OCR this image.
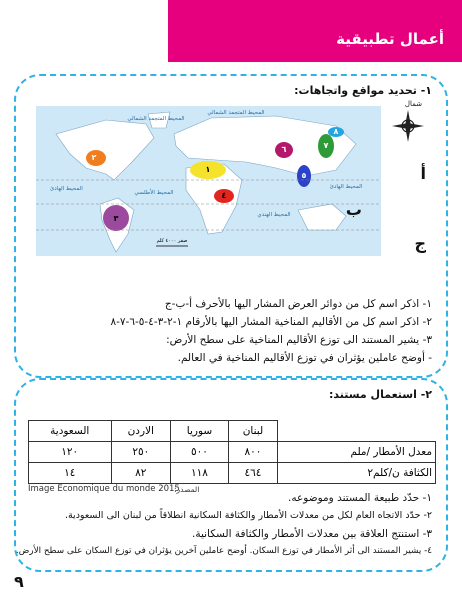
أعمال تطبيقية
١- تحديد مواقع واتجاهات:
المحيط المتجمد الشمالي
المحيط المتجمد الشمالي
المحيط الهادئ
المحيط الأطلسي
المحيط الهادئ
المحيط الهندي
١
٢
٣
٤
٥
٦	٧
٨
صفر ٤٠٠٠ كلم
شمال
أ
ب
ج
١- اذكر اسم كل من دوائر العرض المشار اليها بالأحرف أ-ب-ج
٢- اذكر اسم كل من الأقاليم المناخية المشار اليها بالأرقام ١-٢-٣-٤-٥-٦-٧-٨
٣- يشير المستند الى توزع الأقاليم المناخية على سطح الأرض:
- أوضح عاملين يؤثران في توزع الأقاليم المناخية في العالم.
٢- استعمال مستند:
	لبنان	سوريا	الاردن	السعودية
معدل الأمطار /ملم	٨٠٠	٥٠٠	٢٥٠	١٢٠
الكثافة ن/كلم٢	٤٦٤	١١٨	٨٢	١٤
Image Economique du monde 2015
المصدر:
١- حدّد طبيعة المستند وموضوعه.
٢- حدّد الاتجاه العام لكل من معدلات الأمطار والكثافة السكانية انطلاقاً من لبنان الى السعودية.
٣- استنتج العلاقة بين معدلات الأمطار والكثافة السكانية.
٤- يشير المستند الى أثر الأمطار في توزع السكان. أوضح عاملين آخرين يؤثران في توزع السكان على سطح الأرض.
٩
